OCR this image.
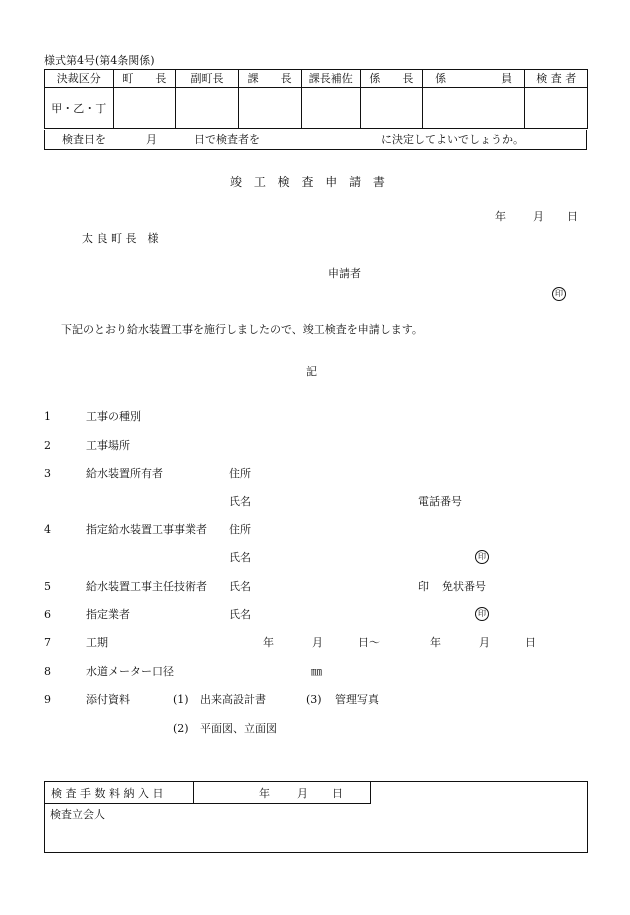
様式第4号(第4条関係)
決裁区分	町　　長	副町長	課　　長	課長補佐	係　　長	係　　　　　員	検 査 者
甲・乙・丁							
検査日を	月	日で検査者を	に決定してよいでしょうか。
竣 工 検 査 申 請 書
年 月 日
太 良 町 長　様
申請者
印
下記のとおり給水装置工事を施行しましたので、竣工検査を申請します。
記
1	工事の種別
2	工事場所
3	給水装置所有者	住所
氏名	電話番号
4	指定給水装置工事事業者 住所
氏名	印
5	給水装置工事主任技術者 氏名	印 免状番号
6	指定業者	氏名	印
7	工期	年	月	日～	年	月	日
8	水道メーター口径	㎜
9	添付資料	(1) 出来高設計書	(3) 管理写真
(2) 平面図、立面図
検 査 手 数 料 納 入 日	年 月 日
検査立会人
